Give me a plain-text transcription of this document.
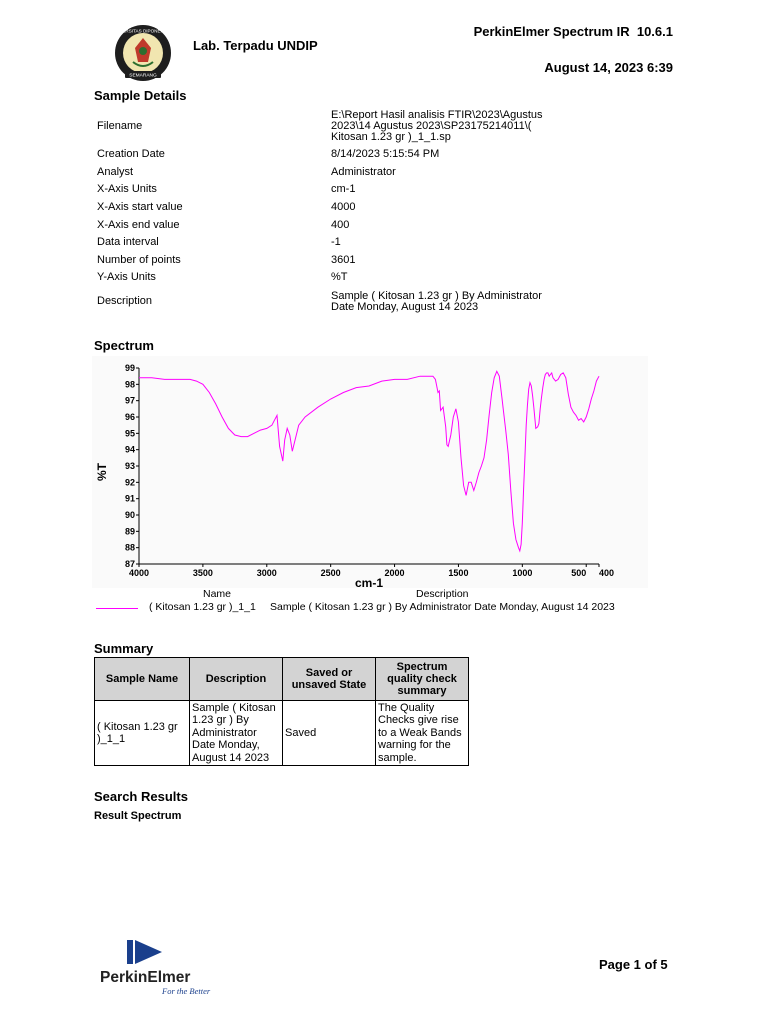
UNIVERSITAS DIPONEGORO
SEMARANG
Lab. Terpadu UNDIP
PerkinElmer Spectrum IR  10.6.1
August 14, 2023 6:39
Sample Details
Filename
E:\Report Hasil analisis FTIR\2023\Agustus
2023\14 Agustus 2023\SP23175214011\(
Kitosan 1.23 gr )_1_1.sp
Creation Date	8/14/2023 5:15:54 PM
Analyst	Administrator
X-Axis Units	cm-1
X-Axis start value	4000
X-Axis end value	400
Data interval	-1
Number of points	3601
Y-Axis Units	%T
Description	Sample ( Kitosan 1.23 gr ) By Administrator
Date Monday, August 14 2023
Spectrum
87
88
89
90
91
92
93
94
95
96
97
98
99
4000	3500	3000	2500	2000	1500	1000	500 400
%T
cm-1
Name	Description
( Kitosan 1.23 gr )_1_1 Sample ( Kitosan 1.23 gr ) By Administrator Date Monday, August 14 2023
Summary
Sample Name	Description	Saved or unsaved State	Spectrum quality check summary
( Kitosan 1.23 gr )_1_1	Sample ( Kitosan 1.23 gr ) By Administrator Date Monday, August 14 2023	Saved	The Quality Checks give rise to a Weak Bands warning for the sample.
Search Results
Result Spectrum
PerkinElmer
For the Better
Page 1 of 5
